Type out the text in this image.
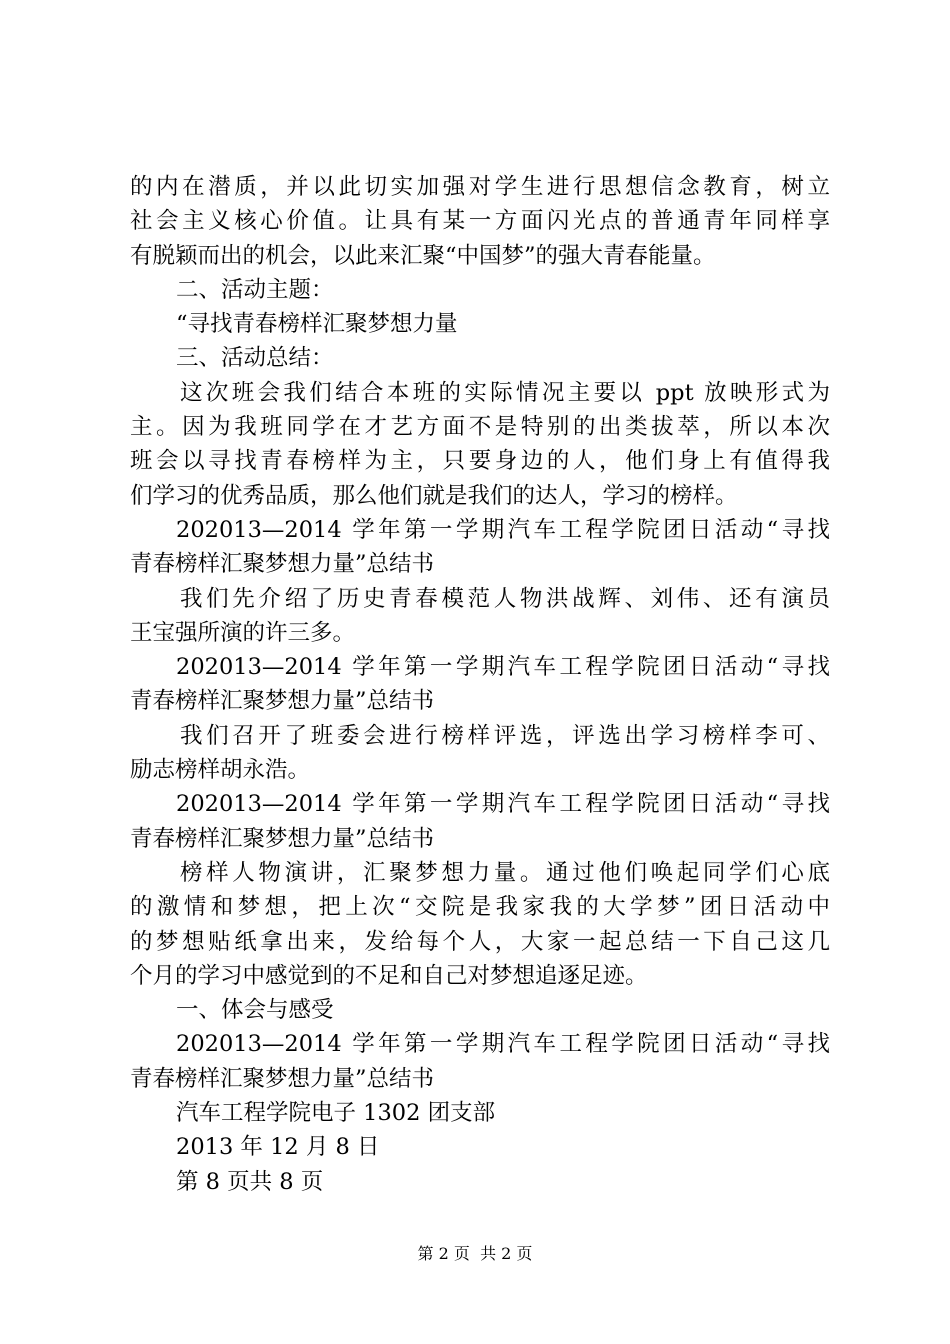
的内在潜质，并以此切实加强对学生进行思想信念教育，树立
社会主义核心价值。让具有某一方面闪光点的普通青年同样享
有脱颖而出的机会，以此来汇聚“中国梦”的强大青春能量。
二、活动主题：
“寻找青春榜样汇聚梦想力量
三、活动总结：
这次班会我们结合本班的实际情况主要以 ppt 放映形式为
主。因为我班同学在才艺方面不是特别的出类拔萃，所以本次
班会以寻找青春榜样为主，只要身边的人，他们身上有值得我
们学习的优秀品质，那么他们就是我们的达人，学习的榜样。
202013—2014 学年第一学期汽车工程学院团日活动“寻找
青春榜样汇聚梦想力量”总结书
我们先介绍了历史青春模范人物洪战辉、刘伟、还有演员
王宝强所演的许三多。
202013—2014 学年第一学期汽车工程学院团日活动“寻找
青春榜样汇聚梦想力量”总结书
我们召开了班委会进行榜样评选，评选出学习榜样李可、
励志榜样胡永浩。
202013—2014 学年第一学期汽车工程学院团日活动“寻找
青春榜样汇聚梦想力量”总结书
榜样人物演讲，汇聚梦想力量。通过他们唤起同学们心底
的激情和梦想，把上次“交院是我家我的大学梦”团日活动中
的梦想贴纸拿出来，发给每个人，大家一起总结一下自己这几
个月的学习中感觉到的不足和自己对梦想追逐足迹。
一、体会与感受
202013—2014 学年第一学期汽车工程学院团日活动“寻找
青春榜样汇聚梦想力量”总结书
汽车工程学院电子 1302 团支部
2013 年 12 月 8 日
第 8 页共 8 页
第 2 页  共 2 页
